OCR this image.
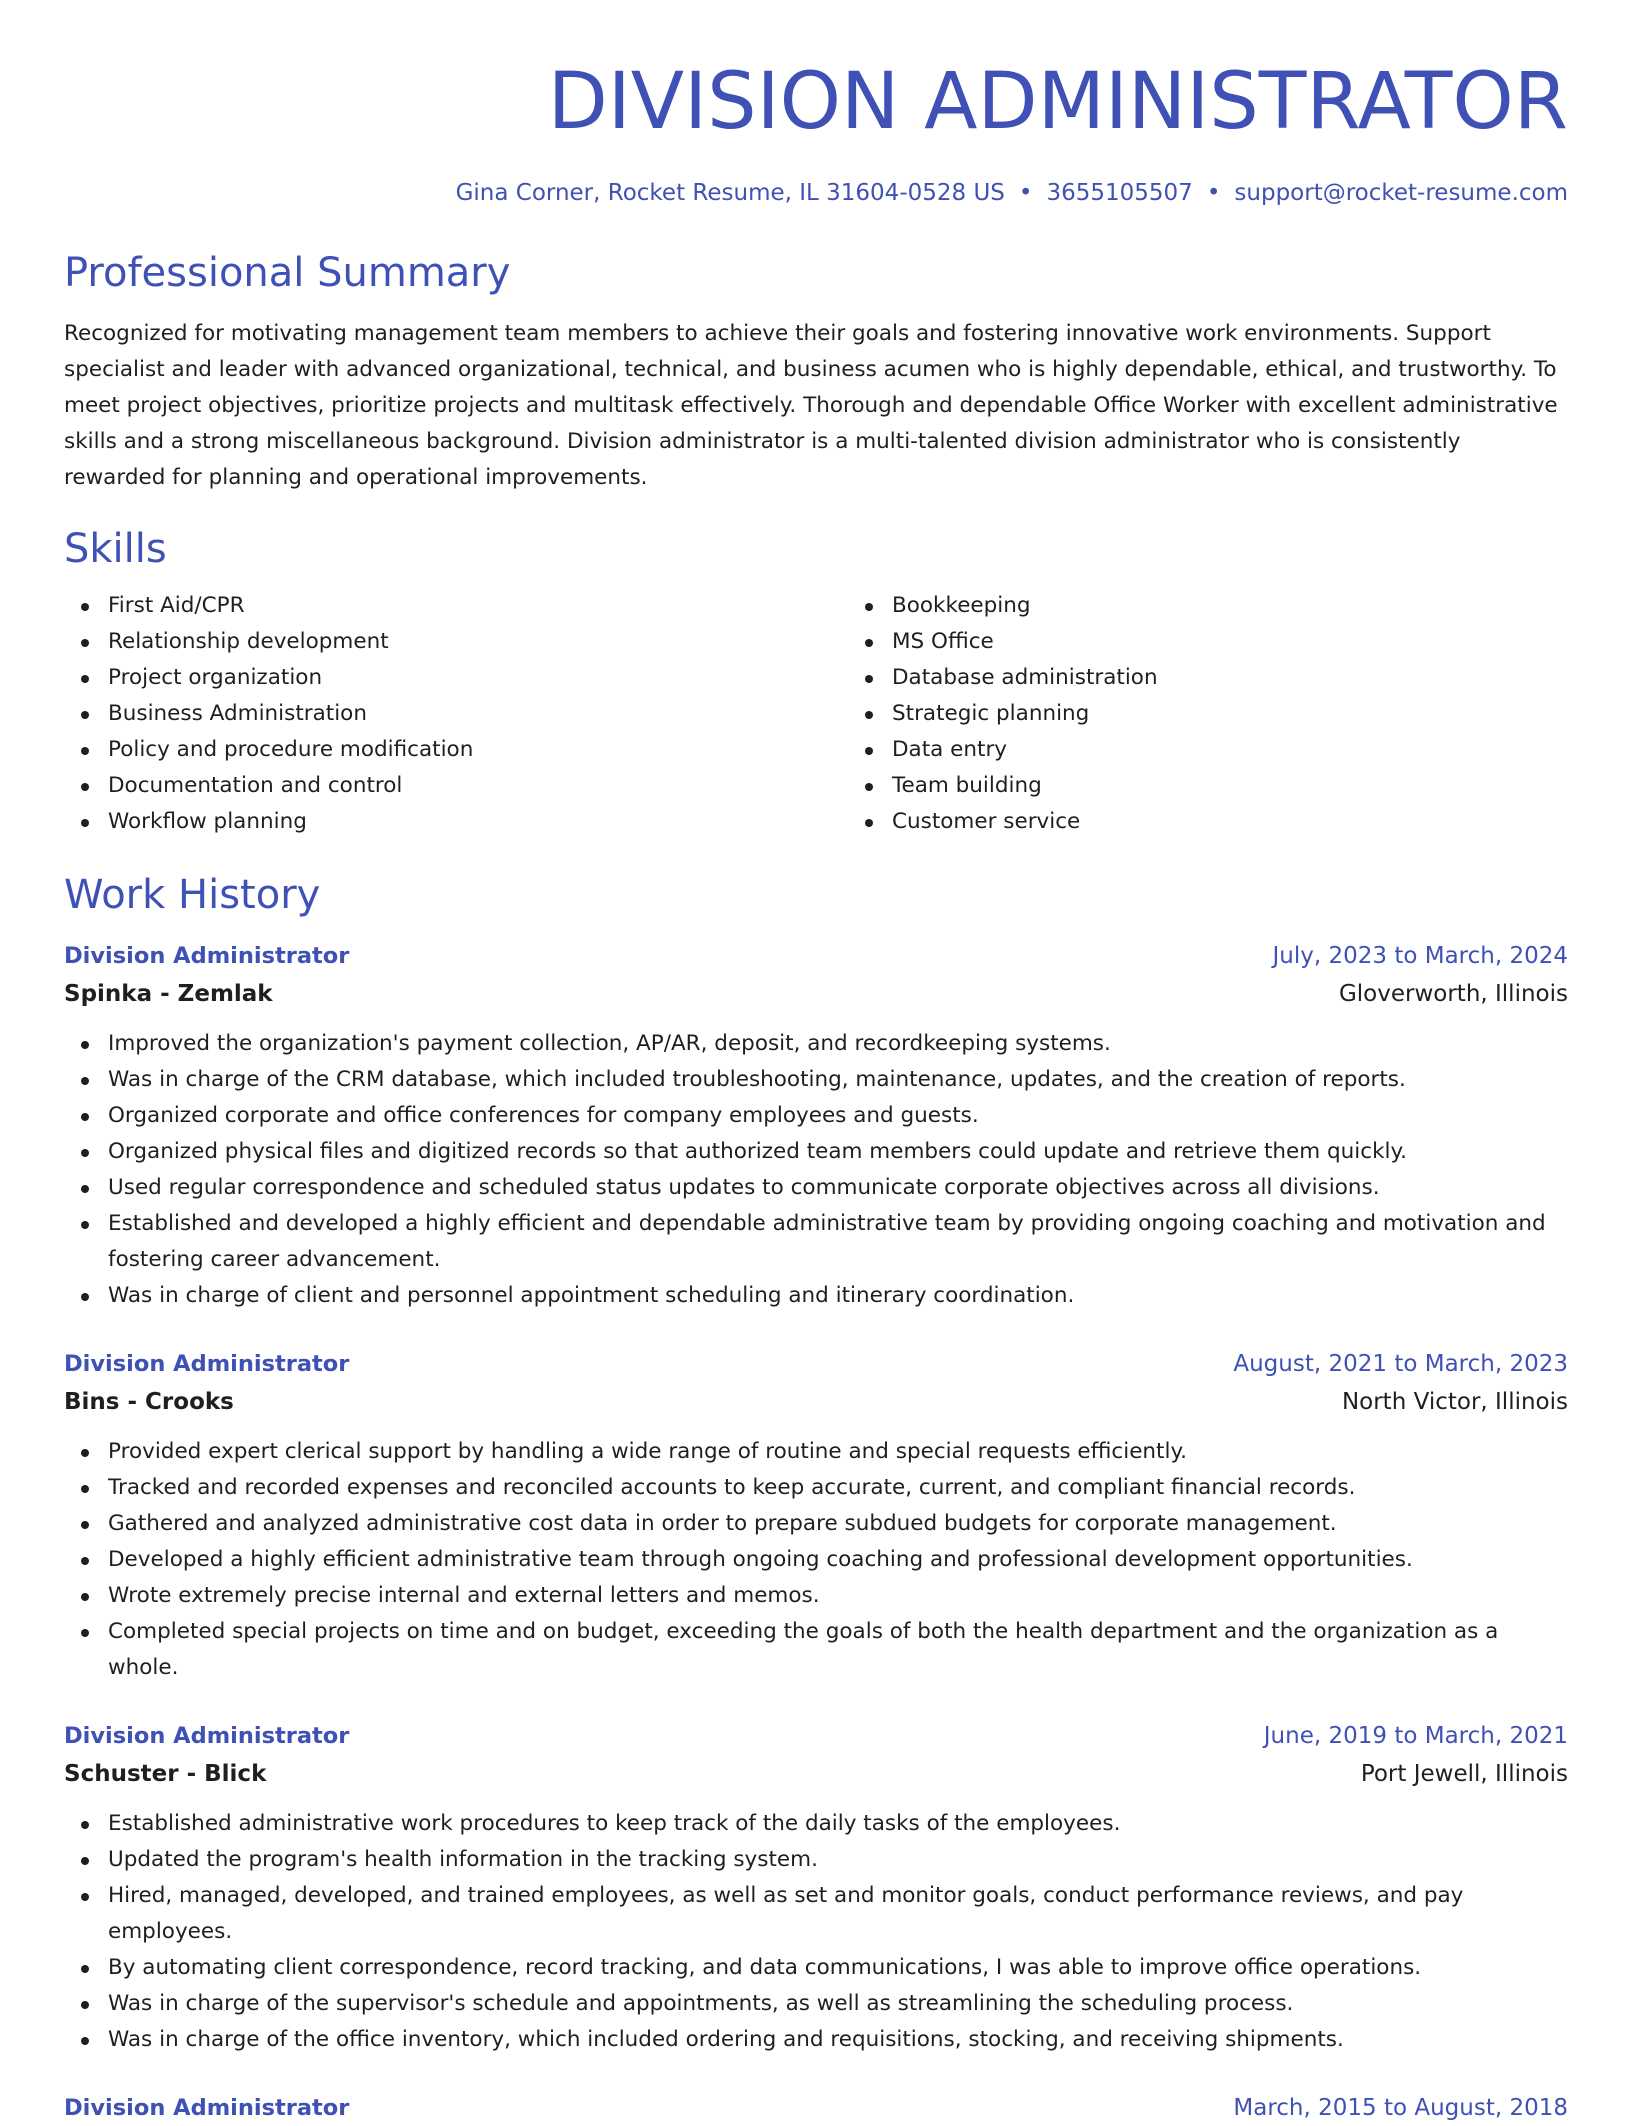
DIVISION ADMINISTRATOR
Gina Corner, Rocket Resume, IL 31604-0528 US • 3655105507 • support@rocket-resume.com
Professional Summary

Recognized for motivating management team members to achieve their goals and fostering innovative work environments. Support specialist and leader with advanced organizational, technical, and business acumen who is highly dependable, ethical, and trustworthy. To meet project objectives, prioritize projects and multitask effectively. Thorough and dependable Office Worker with excellent administrative skills and a strong miscellaneous background. Division administrator is a multi-talented division administrator who is consistently rewarded for planning and operational improvements.

Skills
First Aid/CPR
Relationship development
Project organization
Business Administration
Policy and procedure modification
Documentation and control
Workflow planning
Bookkeeping
MS Office
Database administration
Strategic planning
Data entry
Team building
Customer service
Work History
Division Administrator	July, 2023 to March, 2024
Spinka - Zemlak	Gloverworth, Illinois
Improved the organization's payment collection, AP/AR, deposit, and recordkeeping systems.
Was in charge of the CRM database, which included troubleshooting, maintenance, updates, and the creation of reports.
Organized corporate and office conferences for company employees and guests.
Organized physical files and digitized records so that authorized team members could update and retrieve them quickly.
Used regular correspondence and scheduled status updates to communicate corporate objectives across all divisions.
Established and developed a highly efficient and dependable administrative team by providing ongoing coaching and motivation and fostering career advancement.
Was in charge of client and personnel appointment scheduling and itinerary coordination.
Division Administrator	August, 2021 to March, 2023
Bins - Crooks	North Victor, Illinois
Provided expert clerical support by handling a wide range of routine and special requests efficiently.
Tracked and recorded expenses and reconciled accounts to keep accurate, current, and compliant financial records.
Gathered and analyzed administrative cost data in order to prepare subdued budgets for corporate management.
Developed a highly efficient administrative team through ongoing coaching and professional development opportunities.
Wrote extremely precise internal and external letters and memos.
Completed special projects on time and on budget, exceeding the goals of both the health department and the organization as a whole.
Division Administrator	June, 2019 to March, 2021
Schuster - Blick	Port Jewell, Illinois
Established administrative work procedures to keep track of the daily tasks of the employees.
Updated the program's health information in the tracking system.
Hired, managed, developed, and trained employees, as well as set and monitor goals, conduct performance reviews, and pay employees.
By automating client correspondence, record tracking, and data communications, I was able to improve office operations.
Was in charge of the supervisor's schedule and appointments, as well as streamlining the scheduling process.
Was in charge of the office inventory, which included ordering and requisitions, stocking, and receiving shipments.
Division Administrator	March, 2015 to August, 2018
